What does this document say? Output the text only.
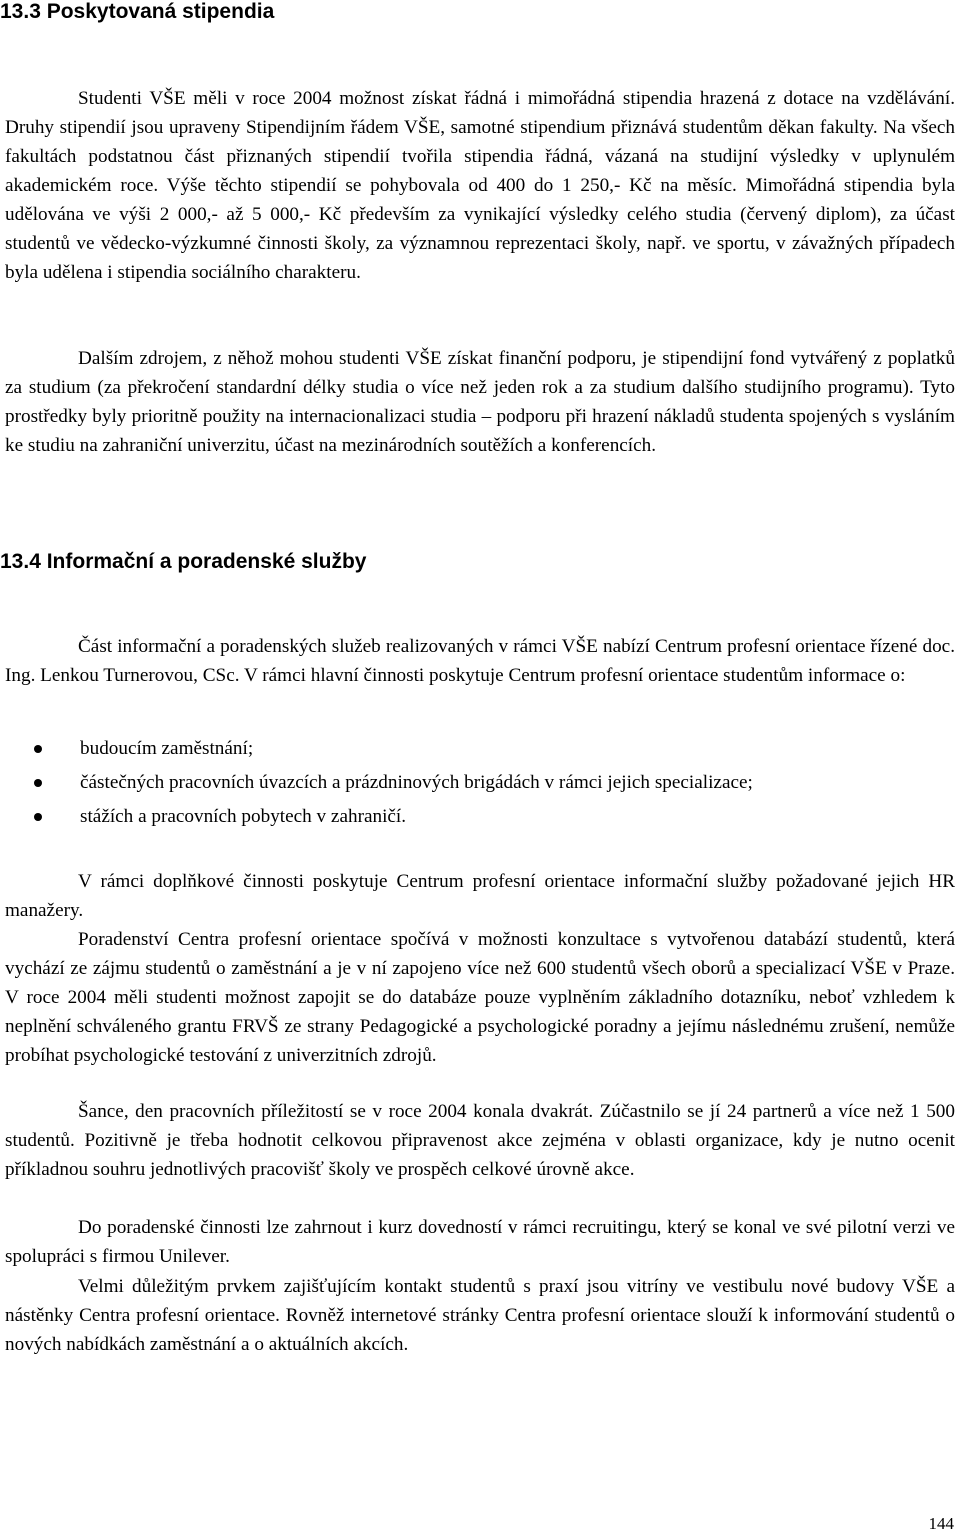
13.3 Poskytovaná stipendia

Studenti VŠE měli v roce 2004 možnost získat řádná i mimořádná stipendia hrazená z dotace na vzdělávání. Druhy stipendií jsou upraveny Stipendijním řádem VŠE, samotné stipendium přiznává studentům děkan fakulty. Na všech fakultách podstatnou část přiznaných stipendií tvořila stipendia řádná, vázaná na studijní výsledky v uplynulém akademickém roce. Výše těchto stipendií se pohybovala od 400 do 1 250,- Kč na měsíc. Mimořádná stipendia byla udělována ve výši 2 000,- až 5 000,- Kč především za vynikající výsledky celého studia (červený diplom), za účast studentů ve vědecko-výzkumné činnosti školy, za významnou reprezentaci školy, např. ve sportu, v závažných případech byla udělena i stipendia sociálního charakteru.

Dalším zdrojem, z něhož mohou studenti VŠE získat finanční podporu, je stipendijní fond vytvářený z poplatků za studium (za překročení standardní délky studia o více než jeden rok a za studium dalšího studijního programu). Tyto prostředky byly prioritně použity na internacionalizaci studia – podporu při hrazení nákladů studenta spojených s vysláním ke studiu na zahraniční univerzitu, účast na mezinárodních soutěžích a konferencích.

13.4 Informační a poradenské služby

Část informační a poradenských služeb realizovaných v rámci VŠE nabízí Centrum profesní orientace řízené doc. Ing. Lenkou Turnerovou, CSc. V rámci hlavní činnosti poskytuje Centrum profesní orientace studentům informace o:

budoucím zaměstnání;
částečných pracovních úvazcích a prázdninových brigádách v rámci jejich specializace;
stážích a pracovních pobytech v zahraničí.

V rámci doplňkové činnosti poskytuje Centrum profesní orientace informační služby požadované jejich HR manažery.

Poradenství Centra profesní orientace spočívá v možnosti konzultace s vytvořenou databází studentů, která vychází ze zájmu studentů o zaměstnání a je v ní zapojeno více než 600 studentů všech oborů a specializací VŠE v Praze. V roce 2004 měli studenti možnost zapojit se do databáze pouze vyplněním základního dotazníku, neboť vzhledem k neplnění schváleného grantu FRVŠ ze strany Pedagogické a psychologické poradny a jejímu následnému zrušení, nemůže probíhat psychologické testování z univerzitních zdrojů.

Šance, den pracovních příležitostí se v roce 2004 konala dvakrát. Zúčastnilo se jí 24 partnerů a více než 1 500 studentů. Pozitivně je třeba hodnotit celkovou připravenost akce zejména v oblasti organizace, kdy je nutno ocenit příkladnou souhru jednotlivých pracovišť školy ve prospěch celkové úrovně akce.

Do poradenské činnosti lze zahrnout i kurz dovedností v rámci recruitingu, který se konal ve své pilotní verzi ve spolupráci s firmou Unilever.

Velmi důležitým prvkem zajišťujícím kontakt studentů s praxí jsou vitríny ve vestibulu nové budovy VŠE a nástěnky Centra profesní orientace. Rovněž internetové stránky Centra profesní orientace slouží k informování studentů o nových nabídkách zaměstnání a o aktuálních akcích.

144
